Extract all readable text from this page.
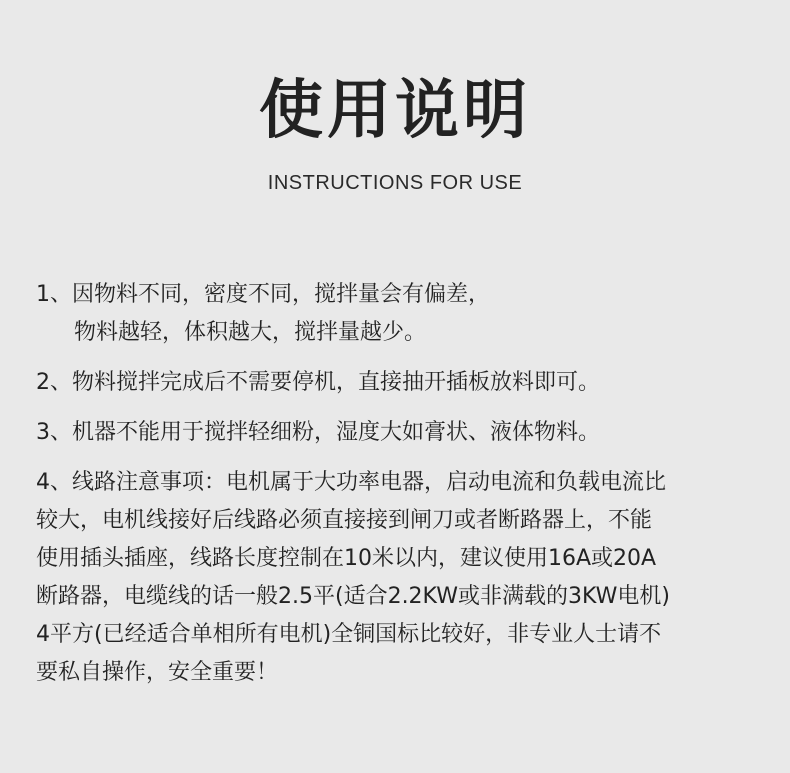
使用说明
INSTRUCTIONS FOR USE
1、因物料不同，密度不同，搅拌量会有偏差，
物料越轻，体积越大，搅拌量越少。
2、物料搅拌完成后不需要停机，直接抽开插板放料即可。
3、机器不能用于搅拌轻细粉，湿度大如膏状、液体物料。
4、线路注意事项：电机属于大功率电器，启动电流和负载电流比
较大，电机线接好后线路必须直接接到闸刀或者断路器上，不能
使用插头插座，线路长度控制在10米以内，建议使用16A或20A
断路器，电缆线的话一般2.5平(适合2.2KW或非满载的3KW电机)
4平方(已经适合单相所有电机)全铜国标比较好，非专业人士请不
要私自操作，安全重要！
